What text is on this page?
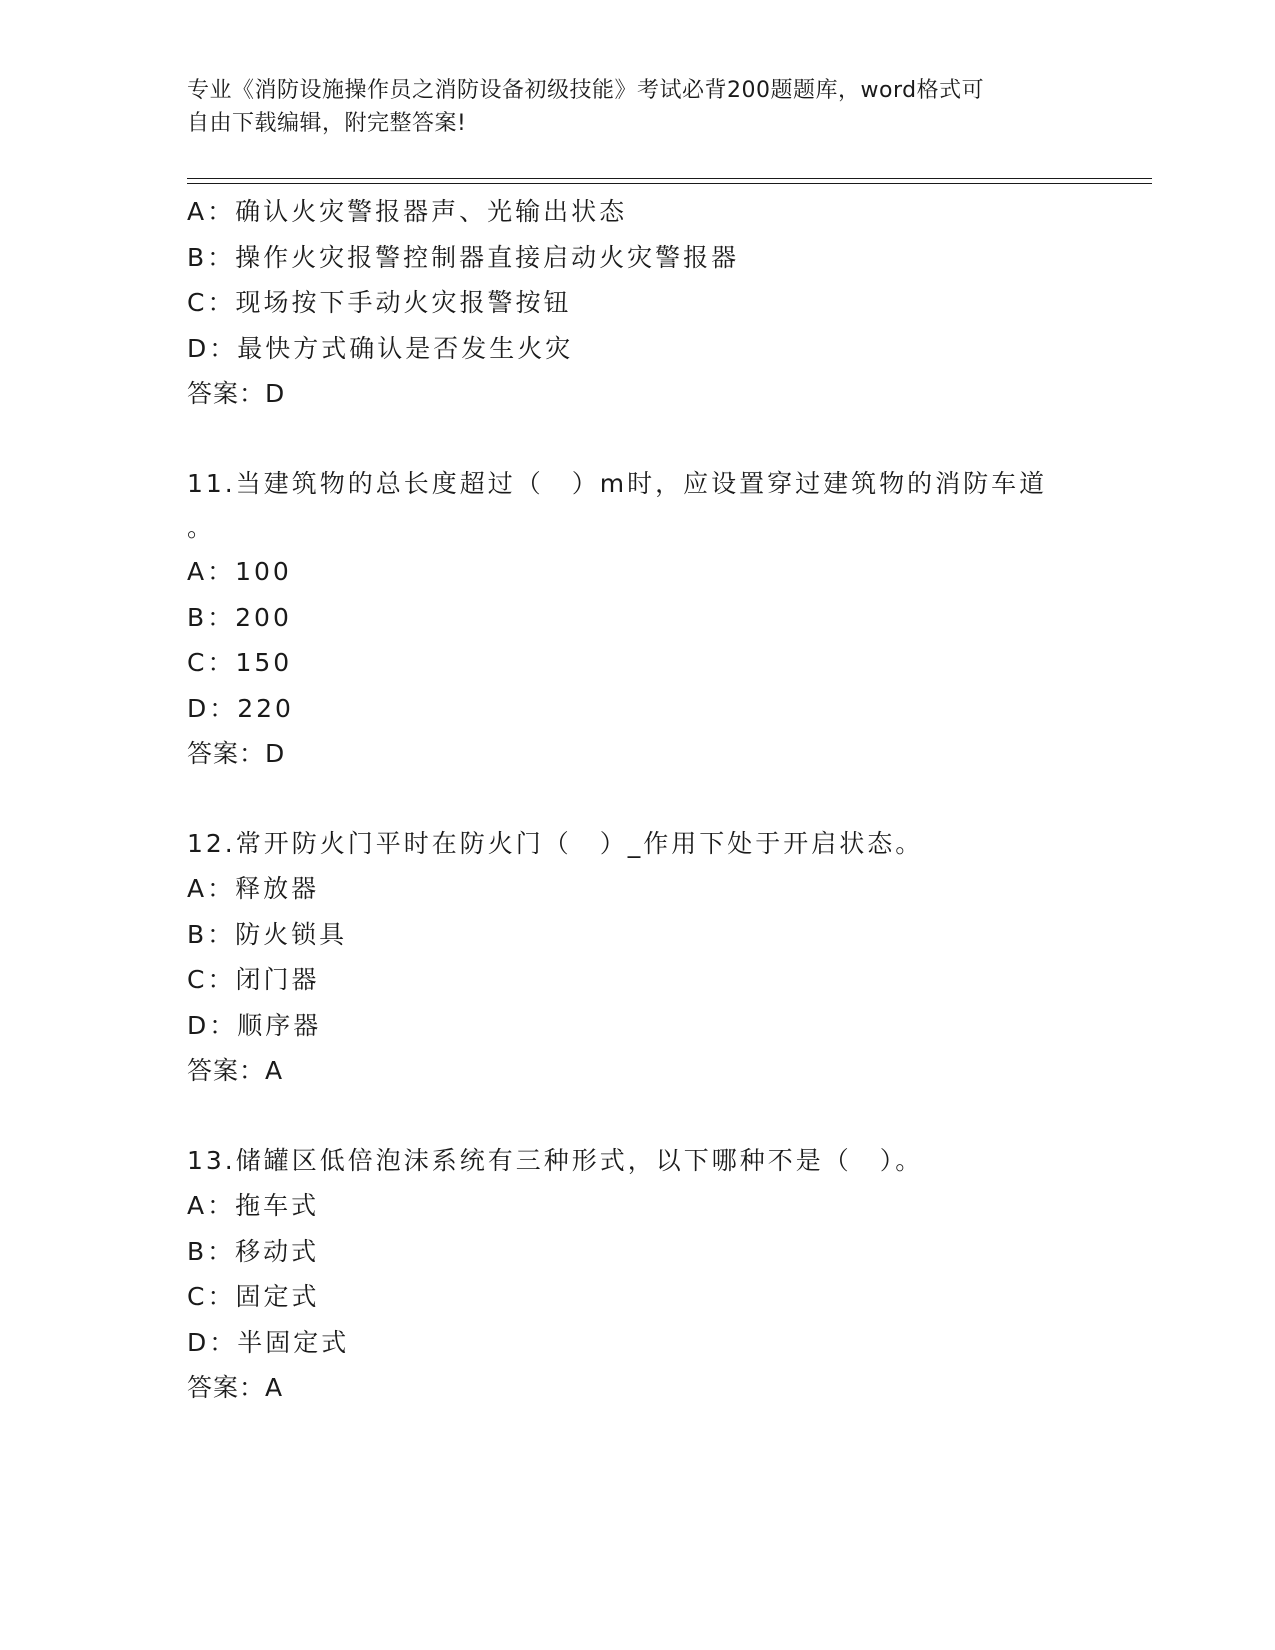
专业《消防设施操作员之消防设备初级技能》考试必背200题题库，word格式可
自由下载编辑，附完整答案!
A：确认火灾警报器声、光输出状态
B：操作火灾报警控制器直接启动火灾警报器
C：现场按下手动火灾报警按钮
D：最快方式确认是否发生火灾
答案：D
11.当建筑物的总长度超过（　）m时，应设置穿过建筑物的消防车道
。
A：100
B：200
C：150
D：220
答案：D
12.常开防火门平时在防火门（　）_作用下处于开启状态。
A：释放器
B：防火锁具
C：闭门器
D：顺序器
答案：A
13.储罐区低倍泡沫系统有三种形式，以下哪种不是（　）。
A：拖车式
B：移动式
C：固定式
D：半固定式
答案：A
